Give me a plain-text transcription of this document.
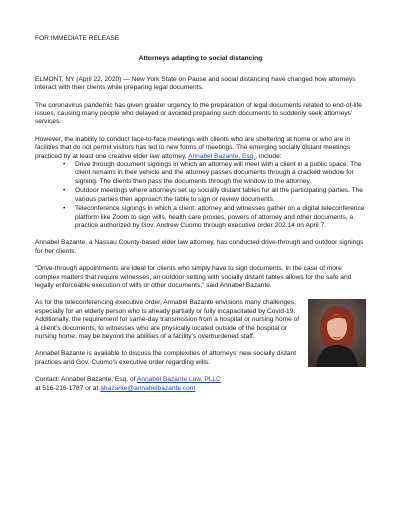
FOR IMMEDIATE RELEASE

Attorneys adapting to social distancing

ELMONT, NY (April 22, 2020) — New York State on Pause and social distancing have changed how attorneys interact with their clients while preparing legal documents.

The coronavirus pandemic has given greater urgency to the preparation of legal documents related to end-of-life issues, causing many people who delayed or avoided preparing such documents to suddenly seek attorneys’ services.

However, the inability to conduct face-to-face meetings with clients who are sheltering at home or who are in facilities that do not permit visitors has led to new forms of meetings. The emerging socially distant meetings practiced by at least one creative elder law attorney, Annabel Bazante, Esq., include:

• Drive through document signings in which an attorney will meet with a client in a public space. The client remains in their vehicle and the attorney passes documents through a cracked window for signing. The clients then pass the documents through the window to the attorney.
• Outdoor meetings where attorneys set up socially distant tables for all the participating parties. The various parties then approach the table to sign or review documents.
• Teleconference signings in which a client, attorney and witnesses gather on a digital teleconference platform like Zoom to sign wills, health care proxies, powers of attorney and other documents, a practice authorized by Gov. Andrew Cuomo through executive order 202.14 on April 7.

Annabel Bazante, a Nassau County-based elder law attorney, has conducted drive-through and outdoor signings for her clients.

“Drive-through appointments are ideal for clients who simply have to sign documents. In the case of more complex matters that require witnesses, an outdoor setting with socially distant tables allows for the safe and legally enforceable execution of wills or other documents,” said Annabel Bazante.

As for the teleconferencing executive order, Annabel Bazante envisions many challenges, especially for an elderly person who is already partially or fully incapacitated by Covid-19. Additionally, the requirement for same-day transmission from a hospital or nursing home of a client’s documents, to witnesses who are physically located outside of the hospital or nursing home, may be beyond the abilities of a facility’s overburdened staff.

Annabel Bazante is available to discuss the complexities of attorneys’ new socially distant practices and Gov. Cuomo’s executive order regarding wills.

Contact: Annabel Bazante, Esq. of Annabel Bazante Law, PLLC

at 516-216-1787 or at abazante@annabelbazante.com
